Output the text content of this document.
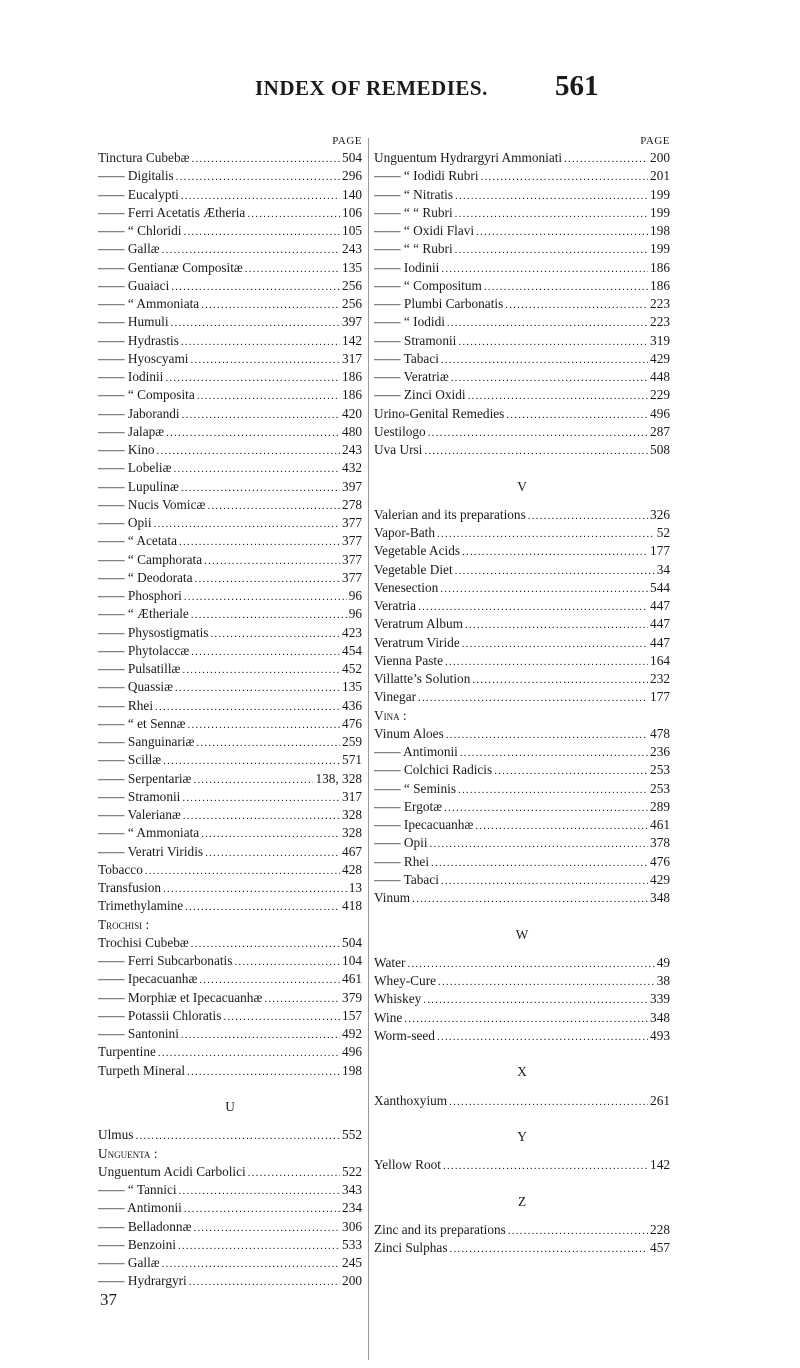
INDEX OF REMEDIES. 561
PAGE
Tinctura Cubebæ .....	504
—— Digitalis .....	296
—— Eucalypti .....	140
—— Ferri Acetatis Ætheria .....	106
—— “ Chloridi .....	105
—— Gallæ .....	243
—— Gentianæ Compositæ .....	135
—— Guaiaci .....	256
—— “ Ammoniata .....	256
—— Humuli .....	397
—— Hydrastis .....	142
—— Hyoscyami .....	317
—— Iodinii .....	186
—— “ Composita .....	186
—— Jaborandi .....	420
—— Jalapæ .....	480
—— Kino .....	243
—— Lobeliæ .....	432
—— Lupulinæ .....	397
—— Nucis Vomicæ .....	278
—— Opii .....	377
—— “ Acetata .....	377
—— “ Camphorata .....	377
—— “ Deodorata .....	377
—— Phosphori .....	96
—— “ Ætheriale .....	96
—— Physostigmatis .....	423
—— Phytolaccæ .....	454
—— Pulsatillæ .....	452
—— Quassiæ .....	135
—— Rhei .....	436
—— “ et Sennæ .....	476
—— Sanguinariæ .....	259
—— Scillæ .....	571
—— Serpentariæ .....	138, 328
—— Stramonii .....	317
—— Valerianæ .....	328
—— “ Ammoniata .....	328
—— Veratri Viridis .....	467
Tobacco .....	428
Transfusion .....	13
Trimethylamine .....	418
Trochisi :
Trochisi Cubebæ .....	504
—— Ferri Subcarbonatis .....	104
—— Ipecacuanhæ .....	461
—— Morphiæ et Ipecacuanhæ .....	379
—— Potassii Chloratis .....	157
—— Santonini .....	492
Turpentine .....	496
Turpeth Mineral .....	198
U
Ulmus .....	552
Unguenta :
Unguentum Acidi Carbolici .....	522
—— “ Tannici .....	343
—— Antimonii .....	234
—— Belladonnæ .....	306
—— Benzoini .....	533
—— Gallæ .....	245
—— Hydrargyri .....	200
37
PAGE
Unguentum Hydrargyri Ammoniati .....	200
—— “ Iodidi Rubri .....	201
—— “ Nitratis .....	199
—— “ “ Rubri .....	199
—— “ Oxidi Flavi .....	198
—— “ “ Rubri .....	199
—— Iodinii .....	186
—— “ Compositum .....	186
—— Plumbi Carbonatis .....	223
—— “ Iodidi .....	223
—— Stramonii .....	319
—— Tabaci .....	429
—— Veratriæ .....	448
—— Zinci Oxidi .....	229
Urino-Genital Remedies .....	496
Uestilogo .....	287
Uva Ursi .....	508
V
Valerian and its preparations .....	326
Vapor-Bath .....	52
Vegetable Acids .....	177
Vegetable Diet .....	34
Venesection .....	544
Veratria .....	447
Veratrum Album .....	447
Veratrum Viride .....	447
Vienna Paste .....	164
Villatte’s Solution .....	232
Vinegar .....	177
Vina :
Vinum Aloes .....	478
—— Antimonii .....	236
—— Colchici Radicis .....	253
—— “ Seminis .....	253
—— Ergotæ .....	289
—— Ipecacuanhæ .....	461
—— Opii .....	378
—— Rhei .....	476
—— Tabaci .....	429
Vinum .....	348
W
Water .....	49
Whey-Cure .....	38
Whiskey .....	339
Wine .....	348
Worm-seed .....	493
X
Xanthoxyium .....	261
Y
Yellow Root .....	142
Z
Zinc and its preparations .....	228
Zinci Sulphas .....	457
